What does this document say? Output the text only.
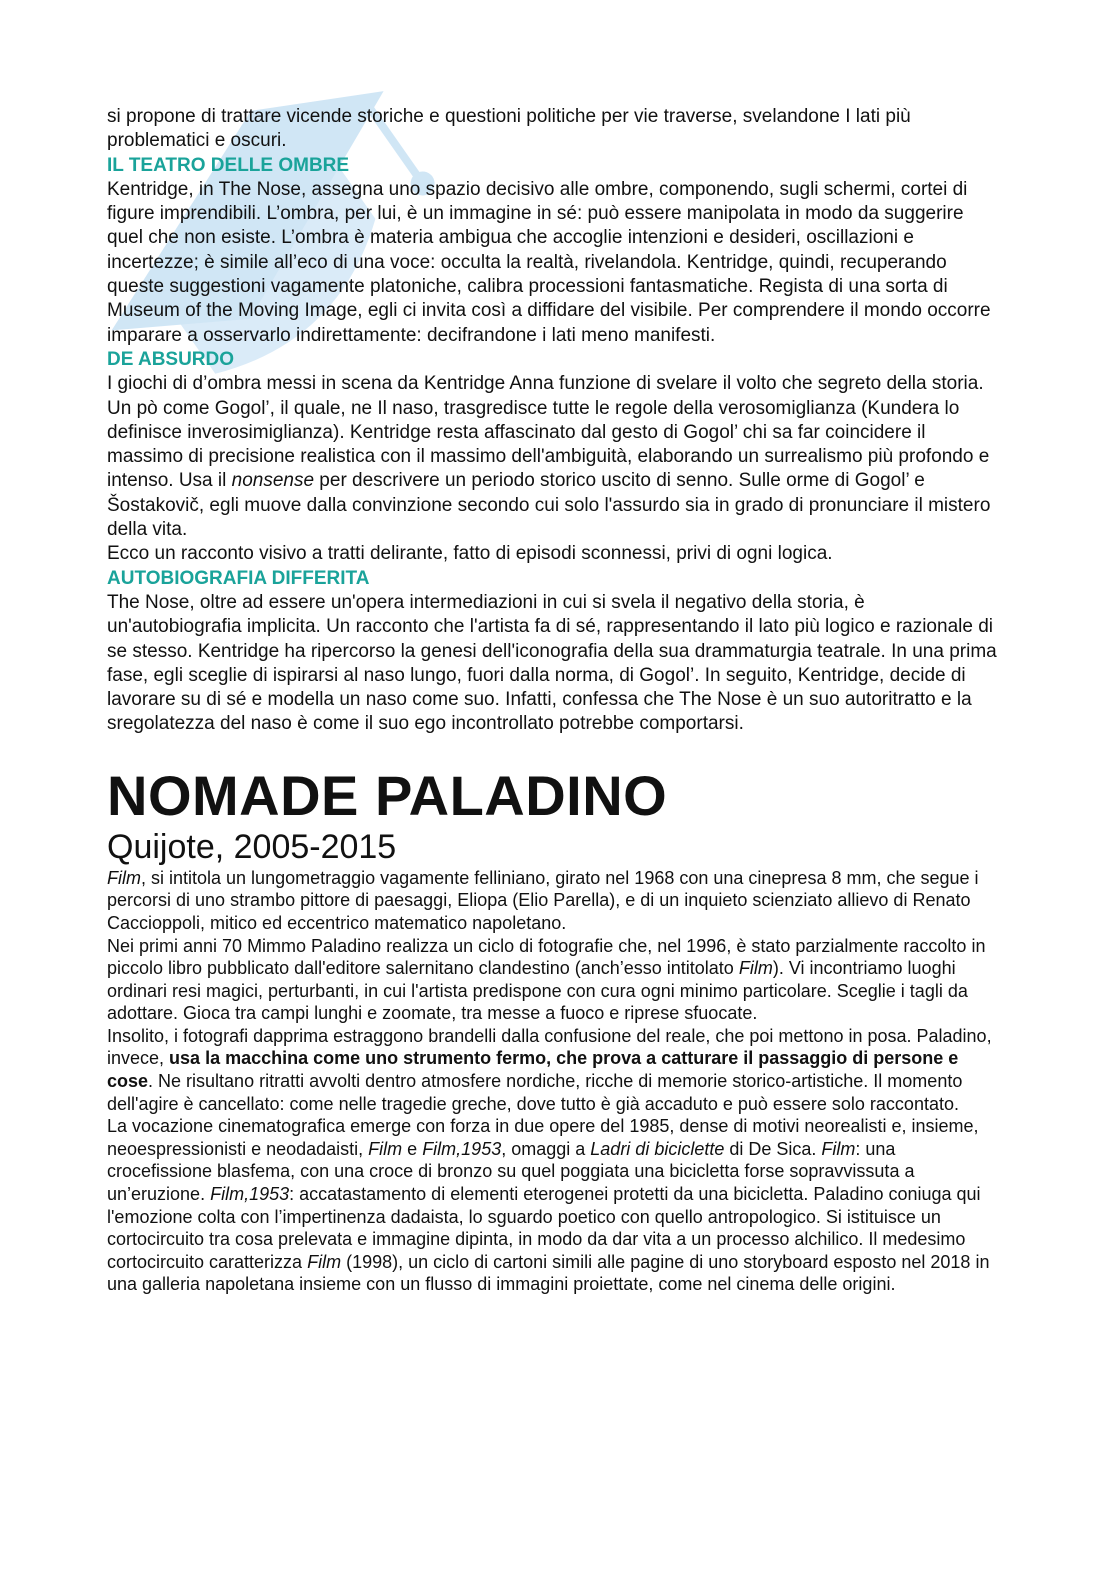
si propone di trattare vicende storiche e questioni politiche per vie traverse, svelandone I lati più problematici e oscuri.

IL TEATRO DELLE OMBRE

Kentridge, in The Nose, assegna uno spazio decisivo alle ombre, componendo, sugli schermi, cortei di figure imprendibili. L’ombra, per lui, è un immagine in sé: può essere manipolata in modo da suggerire quel che non esiste. L’ombra è materia ambigua che accoglie intenzioni e desideri, oscillazioni e incertezze; è simile all’eco di una voce: occulta la realtà, rivelandola. Kentridge, quindi, recuperando queste suggestioni vagamente platoniche, calibra processioni fantasmatiche. Regista di una sorta di Museum of the Moving Image, egli ci invita così a diffidare del visibile. Per comprendere il mondo occorre imparare a osservarlo indirettamente: decifrandone i lati meno manifesti.

DE ABSURDO

I giochi di d’ombra messi in scena da Kentridge Anna funzione di svelare il volto che segreto della storia. Un pò come Gogol’, il quale, ne Il naso, trasgredisce tutte le regole della verosomiglianza (Kundera lo definisce inverosimiglianza). Kentridge resta affascinato dal gesto di Gogol’ chi sa far coincidere il massimo di precisione realistica con il massimo dell'ambiguità, elaborando un surrealismo più profondo e intenso. Usa il nonsense per descrivere un periodo storico uscito di senno. Sulle orme di Gogol’ e Šostakovič, egli muove dalla convinzione secondo cui solo l'assurdo sia in grado di pronunciare il mistero della vita.

Ecco un racconto visivo a tratti delirante, fatto di episodi sconnessi, privi di ogni logica.

AUTOBIOGRAFIA DIFFERITA

The Nose, oltre ad essere un'opera intermediazioni in cui si svela il negativo della storia, è un'autobiografia implicita. Un racconto che l'artista fa di sé, rappresentando il lato più logico e razionale di se stesso. Kentridge ha ripercorso la genesi dell'iconografia della sua drammaturgia teatrale. In una prima fase, egli sceglie di ispirarsi al naso lungo, fuori dalla norma, di Gogol’. In seguito, Kentridge, decide di lavorare su di sé e modella un naso come suo. Infatti, confessa che The Nose è un suo autoritratto e la sregolatezza del naso è come il suo ego incontrollato potrebbe comportarsi.

NOMADE PALADINO
Quijote, 2005-2015

Film, si intitola un lungometraggio vagamente felliniano, girato nel 1968 con una cinepresa 8 mm, che segue i percorsi di uno strambo pittore di paesaggi, Eliopa (Elio Parella), e di un inquieto scienziato allievo di Renato Caccioppoli, mitico ed eccentrico matematico napoletano.

Nei primi anni 70 Mimmo Paladino realizza un ciclo di fotografie che, nel 1996, è stato parzialmente raccolto in piccolo libro pubblicato dall'editore salernitano clandestino (anch’esso intitolato Film). Vi incontriamo luoghi ordinari resi magici, perturbanti, in cui l'artista predispone con cura ogni minimo particolare. Sceglie i tagli da adottare. Gioca tra campi lunghi e zoomate, tra messe a fuoco e riprese sfuocate.

Insolito, i fotografi dapprima estraggono brandelli dalla confusione del reale, che poi mettono in posa. Paladino, invece, usa la macchina come uno strumento fermo, che prova a catturare il passaggio di persone e cose. Ne risultano ritratti avvolti dentro atmosfere nordiche, ricche di memorie storico-artistiche. Il momento dell'agire è cancellato: come nelle tragedie greche, dove tutto è già accaduto e può essere solo raccontato.

La vocazione cinematografica emerge con forza in due opere del 1985, dense di motivi neorealisti e, insieme, neoespressionisti e neodadaisti, Film e Film,1953, omaggi a Ladri di biciclette di De Sica. Film: una crocefissione blasfema, con una croce di bronzo su quel poggiata una bicicletta forse sopravvissuta a un’eruzione. Film,1953: accatastamento di elementi eterogenei protetti da una bicicletta. Paladino coniuga qui l'emozione colta con l’impertinenza dadaista, lo sguardo poetico con quello antropologico. Si istituisce un cortocircuito tra cosa prelevata e immagine dipinta, in modo da dar vita a un processo alchilico. Il medesimo cortocircuito caratterizza Film (1998), un ciclo di cartoni simili alle pagine di uno storyboard esposto nel 2018 in una galleria napoletana insieme con un flusso di immagini proiettate, come nel cinema delle origini.
